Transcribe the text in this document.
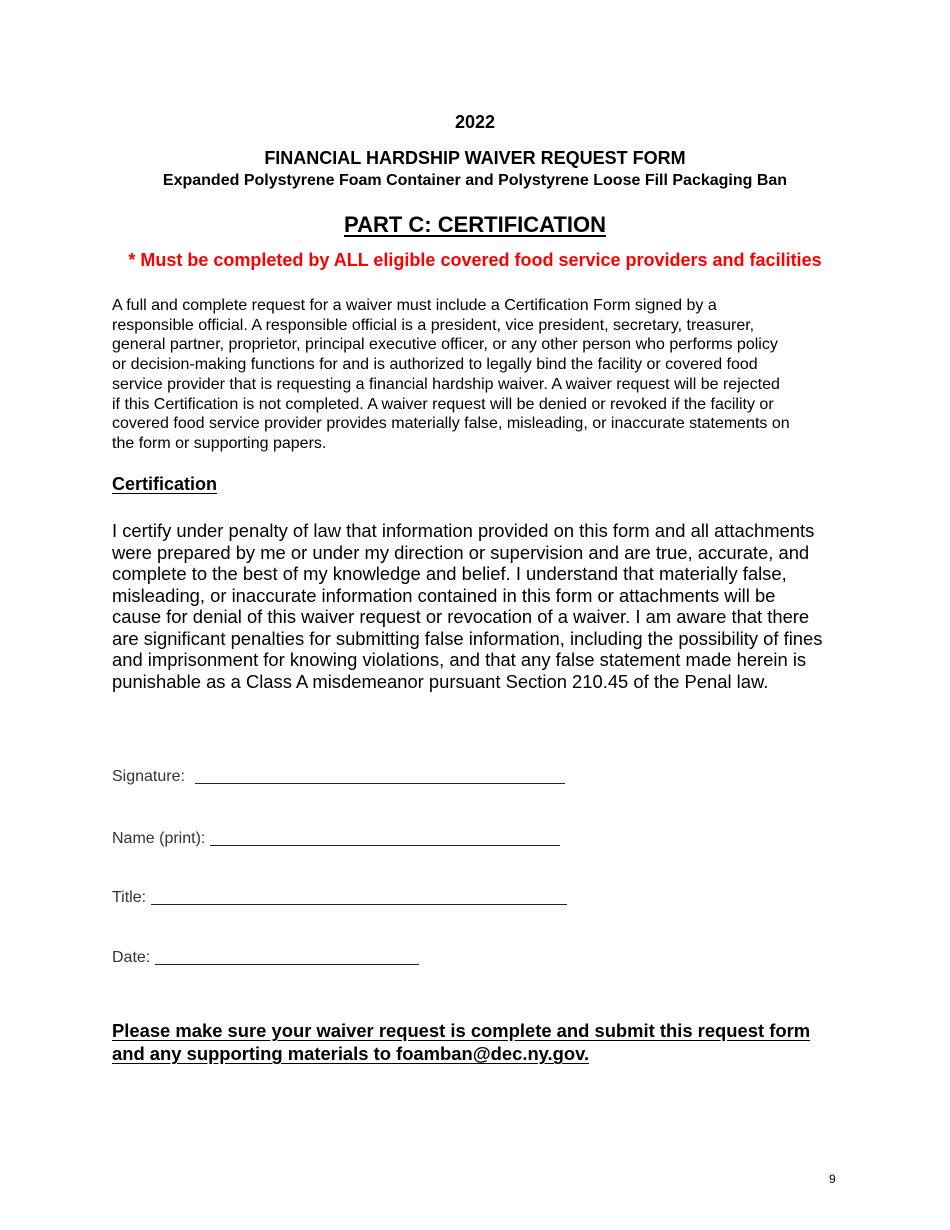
2022
FINANCIAL HARDSHIP WAIVER REQUEST FORM
Expanded Polystyrene Foam Container and Polystyrene Loose Fill Packaging Ban
PART C: CERTIFICATION
* Must be completed by ALL eligible covered food service providers and facilities
A full and complete request for a waiver must include a Certification Form signed by a
responsible official. A responsible official is a president, vice president, secretary, treasurer,
general partner, proprietor, principal executive officer, or any other person who performs policy
or decision-making functions for and is authorized to legally bind the facility or covered food
service provider that is requesting a financial hardship waiver. A waiver request will be rejected
if this Certification is not completed. A waiver request will be denied or revoked if the facility or
covered food service provider provides materially false, misleading, or inaccurate statements on
the form or supporting papers.
Certification
I certify under penalty of law that information provided on this form and all attachments
were prepared by me or under my direction or supervision and are true, accurate, and
complete to the best of my knowledge and belief. I understand that materially false,
misleading, or inaccurate information contained in this form or attachments will be
cause for denial of this waiver request or revocation of a waiver. I am aware that there
are significant penalties for submitting false information, including the possibility of fines
and imprisonment for knowing violations, and that any false statement made herein is
punishable as a Class A misdemeanor pursuant Section 210.45 of the Penal law.
Signature:
Name (print):
Title:
Date:
Please make sure your waiver request is complete and submit this request form
and any supporting materials to foamban@dec.ny.gov.
9
